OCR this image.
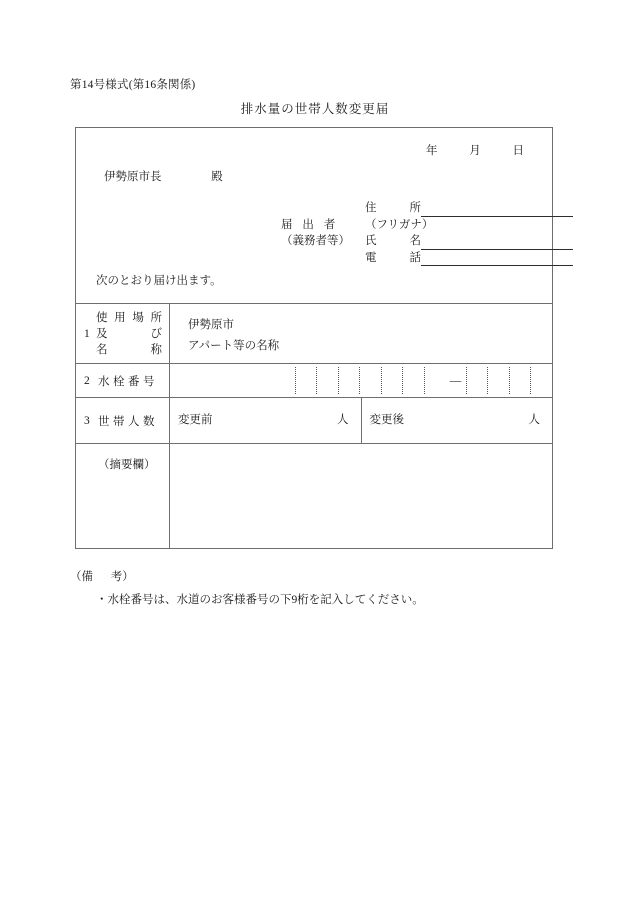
第14号様式(第16条関係)
排水量の世帯人数変更届
年	月	日
伊勢原市長	殿
届 出 者
（義務者等）
住	所
（フリガナ）
氏	名
電	話
次のとおり届け出ます。
1
使 用 場 所
及	び
名	称
伊勢原市
アパート等の名称
2 水栓番号	—
3 世帯人数 変更前	人 変更後	人
（摘要欄）
（備 考）
・水栓番号は、水道のお客様番号の下9桁を記入してください。
